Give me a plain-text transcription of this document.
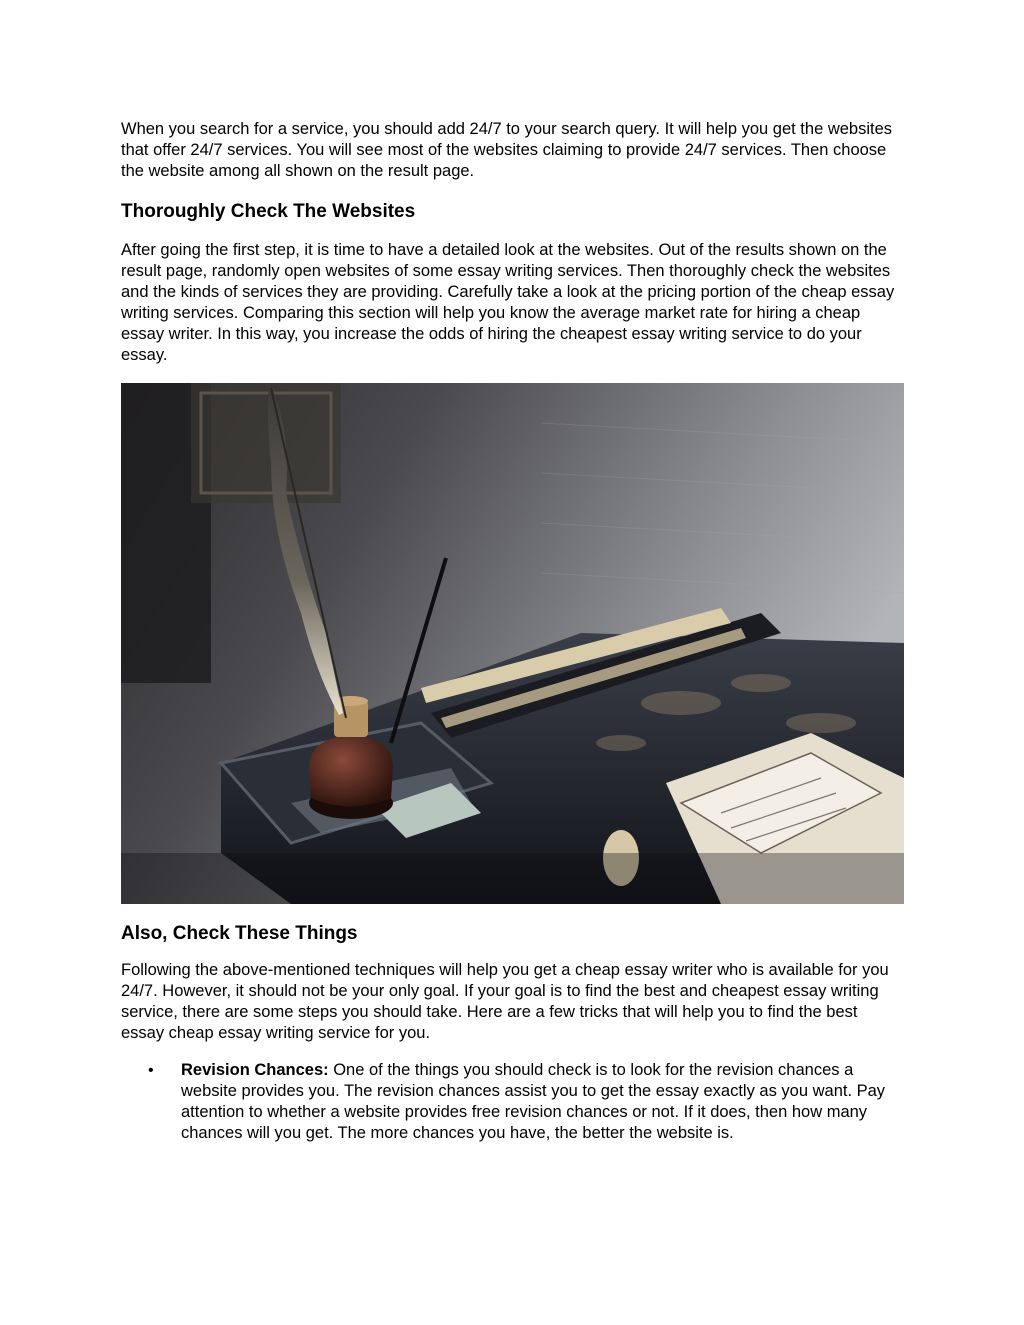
When you search for a service, you should add 24/7 to your search query. It will help you get the websites that offer 24/7 services. You will see most of the websites claiming to provide 24/7 services. Then choose the website among all shown on the result page.

Thoroughly Check The Websites

After going the first step, it is time to have a detailed look at the websites. Out of the results shown on the result page, randomly open websites of some essay writing services. Then thoroughly check the websites and the kinds of services they are providing. Carefully take a look at the pricing portion of the cheap essay writing services. Comparing this section will help you know the average market rate for hiring a cheap essay writer. In this way, you increase the odds of hiring the cheapest essay writing service to do your essay.

Also, Check These Things

Following the above-mentioned techniques will help you get a cheap essay writer who is available for you 24/7. However, it should not be your only goal. If your goal is to find the best and cheapest essay writing service, there are some steps you should take. Here are a few tricks that will help you to find the best essay cheap essay writing service for you.

• Revision Chances: One of the things you should check is to look for the revision chances a website provides you. The revision chances assist you to get the essay exactly as you want. Pay attention to whether a website provides free revision chances or not. If it does, then how many chances will you get. The more chances you have, the better the website is.
